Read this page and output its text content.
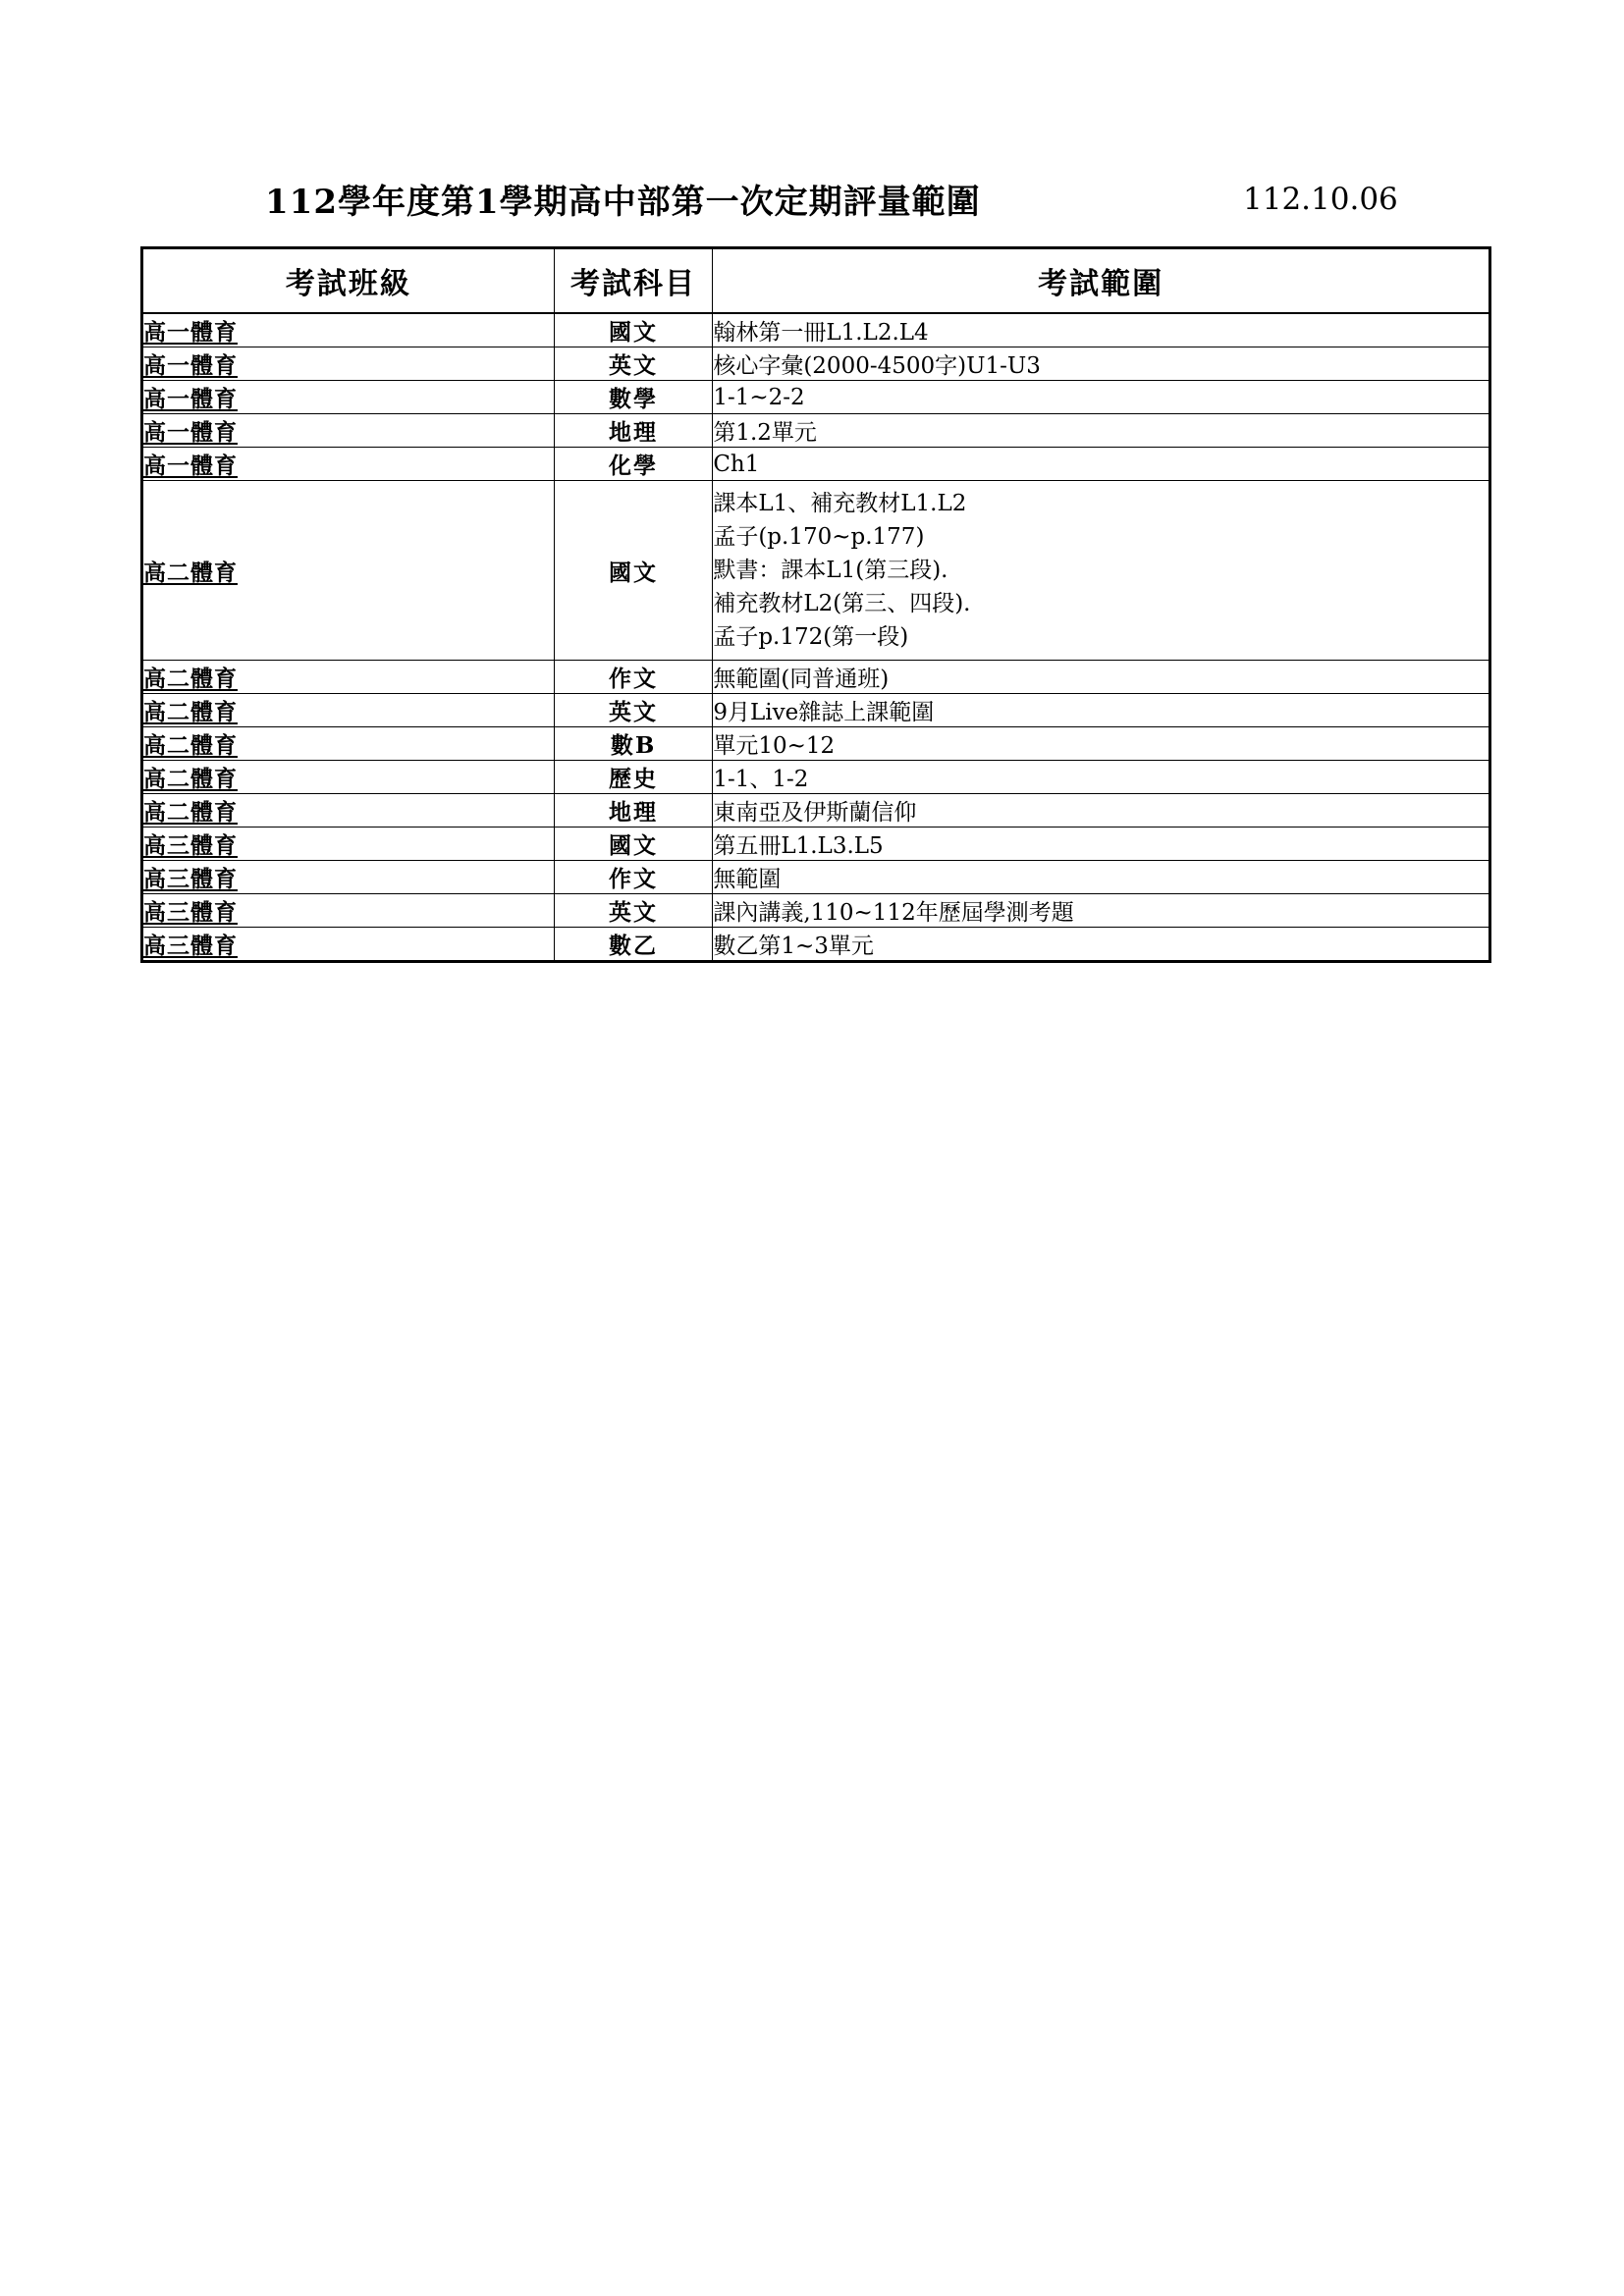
112學年度第1學期高中部第一次定期評量範圍	112.10.06
考試班級	考試科目	考試範圍
高一體育	國文	翰林第一冊L1.L2.L4
高一體育	英文	核心字彙(2000-4500字)U1-U3
高一體育	數學	1-1~2-2
高一體育	地理	第1.2單元
高一體育	化學	Ch1
高二體育	國文	課本L1、補充教材L1.L2
孟子(p.170~p.177)
默書：課本L1(第三段).
補充教材L2(第三、四段).
孟子p.172(第一段)

高二體育	作文	無範圍(同普通班)
高二體育	英文	9月Live雜誌上課範圍
高二體育	數B	單元10~12
高二體育	歷史	1-1、1-2
高二體育	地理	東南亞及伊斯蘭信仰
高三體育	國文	第五冊L1.L3.L5
高三體育	作文	無範圍
高三體育	英文	課內講義,110~112年歷屆學測考題
高三體育	數乙	數乙第1~3單元
